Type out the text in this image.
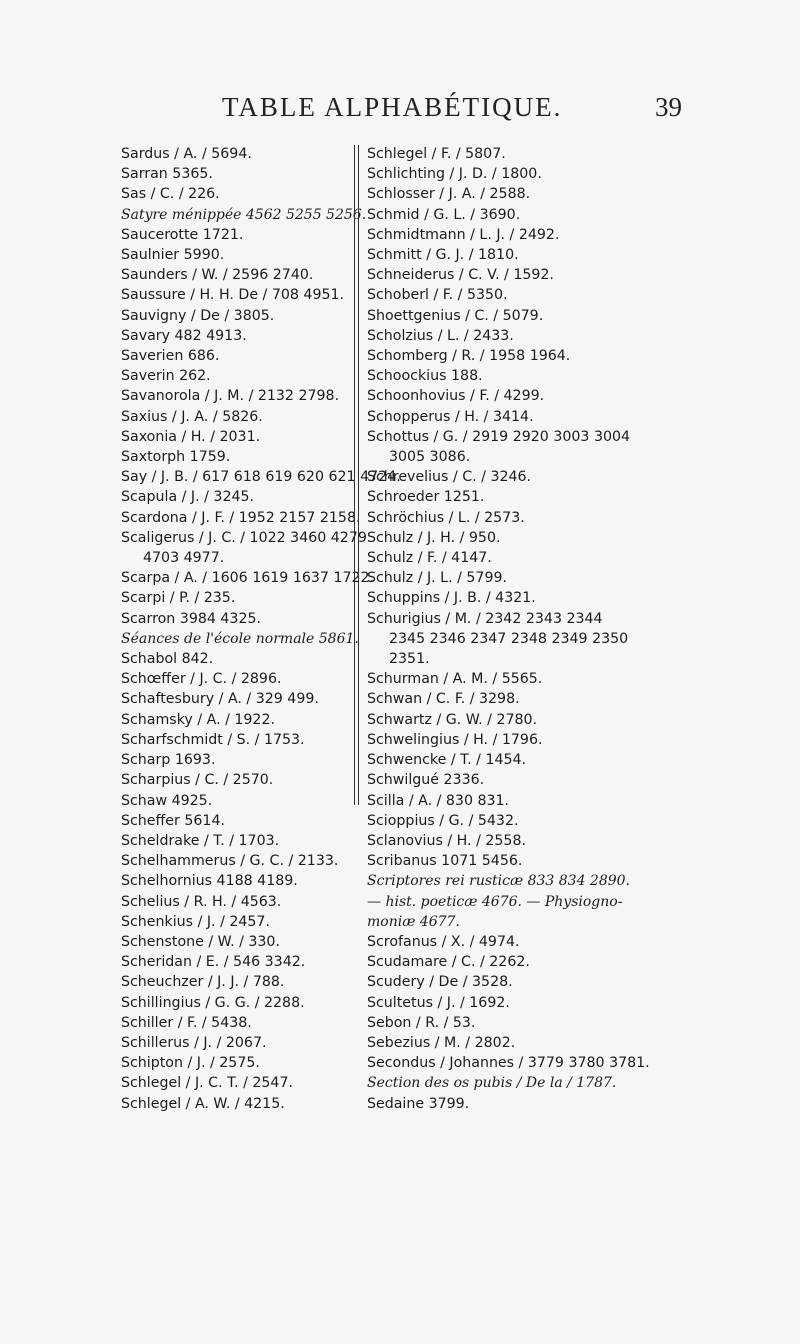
TABLE ALPHABÉTIQUE.	39
Sardus / A. / 5694.
Sarran 5365.
Sas / C. / 226.
Satyre ménippée 4562 5255 5256.
Saucerotte 1721.
Saulnier 5990.
Saunders / W. / 2596 2740.
Saussure / H. H. De / 708 4951.
Sauvigny / De / 3805.
Savary 482 4913.
Saverien 686.
Saverin 262.
Savanorola / J. M. / 2132 2798.
Saxius / J. A. / 5826.
Saxonia / H. / 2031.
Saxtorph 1759.
Say / J. B. / 617 618 619 620 621 4724.
Scapula / J. / 3245.
Scardona / J. F. / 1952 2157 2158.
Scaligerus / J. C. / 1022 3460 4279
4703 4977.
Scarpa / A. / 1606 1619 1637 1722.
Scarpi / P. / 235.
Scarron 3984 4325.
Séances de l'école normale 5861.
Schabol 842.
Schœffer / J. C. / 2896.
Schaftesbury / A. / 329 499.
Schamsky / A. / 1922.
Scharfschmidt / S. / 1753.
Scharp 1693.
Scharpius / C. / 2570.
Schaw 4925.
Scheffer 5614.
Scheldrake / T. / 1703.
Schelhammerus / G. C. / 2133.
Schelhornius 4188 4189.
Schelius / R. H. / 4563.
Schenkius / J. / 2457.
Schenstone / W. / 330.
Scheridan / E. / 546 3342.
Scheuchzer / J. J. / 788.
Schillingius / G. G. / 2288.
Schiller / F. / 5438.
Schillerus / J. / 2067.
Schipton / J. / 2575.
Schlegel / J. C. T. / 2547.
Schlegel / A. W. / 4215.
Schlegel / F. / 5807.
Schlichting / J. D. / 1800.
Schlosser / J. A. / 2588.
Schmid / G. L. / 3690.
Schmidtmann / L. J. / 2492.
Schmitt / G. J. / 1810.
Schneiderus / C. V. / 1592.
Schoberl / F. / 5350.
Shoettgenius / C. / 5079.
Scholzius / L. / 2433.
Schomberg / R. / 1958 1964.
Schoockius 188.
Schoonhovius / F. / 4299.
Schopperus / H. / 3414.
Schottus / G. / 2919 2920 3003 3004
3005 3086.
Schrevelius / C. / 3246.
Schroeder 1251.
Schröchius / L. / 2573.
Schulz / J. H. / 950.
Schulz / F. / 4147.
Schulz / J. L. / 5799.
Schuppins / J. B. / 4321.
Schurigius / M. / 2342 2343 2344
2345 2346 2347 2348 2349 2350
2351.
Schurman / A. M. / 5565.
Schwan / C. F. / 3298.
Schwartz / G. W. / 2780.
Schwelingius / H. / 1796.
Schwencke / T. / 1454.
Schwilgué 2336.
Scilla / A. / 830 831.
Scioppius / G. / 5432.
Sclanovius / H. / 2558.
Scribanus 1071 5456.
Scriptores rei rusticæ 833 834 2890.
— hist. poeticæ 4676. — Physiogno-
moniæ 4677.
Scrofanus / X. / 4974.
Scudamare / C. / 2262.
Scudery / De / 3528.
Scultetus / J. / 1692.
Sebon / R. / 53.
Sebezius / M. / 2802.
Secondus / Johannes / 3779 3780 3781.
Section des os pubis / De la / 1787.
Sedaine 3799.
